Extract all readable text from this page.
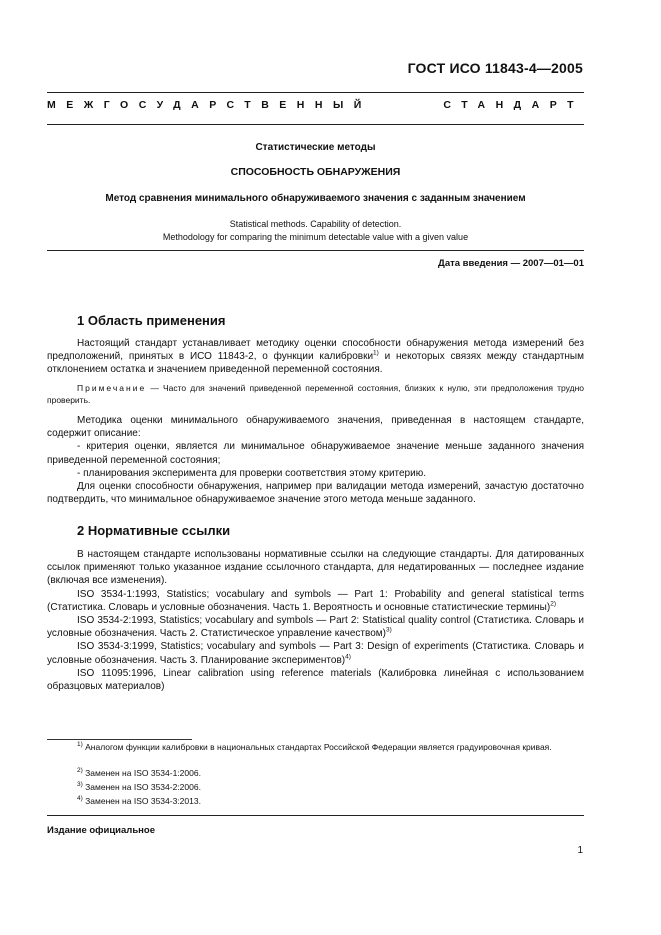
ГОСТ ИСО 11843-4—2005
МЕЖГОСУДАРСТВЕННЫЙ	СТАНДАРТ
Статистические методы
СПОСОБНОСТЬ ОБНАРУЖЕНИЯ
Метод сравнения минимального обнаруживаемого значения с заданным значением
Statistical methods. Capability of detection.
Methodology for comparing the minimum detectable value with a given value
Дата введения — 2007—01—01
1 Область применения

Настоящий стандарт устанавливает методику оценки способности обнаружения метода измерений без предположений, принятых в ИСО 11843-2, о функции калибровки$^{1)}$ и некоторых связях между стандартным отклонением остатка и значением приведенной переменной состояния.

Примечание — Часто для значений приведенной переменной состояния, близких к нулю, эти предположения трудно проверить.

Методика оценки минимального обнаруживаемого значения, приведенная в настоящем стандарте, содержит описание:

- критерия оценки, является ли минимальное обнаруживаемое значение меньше заданного значения приведенной переменной состояния;

- планирования эксперимента для проверки соответствия этому критерию.

Для оценки способности обнаружения, например при валидации метода измерений, зачастую достаточно подтвердить, что минимальное обнаруживаемое значение этого метода меньше заданного.

2 Нормативные ссылки

В настоящем стандарте использованы нормативные ссылки на следующие стандарты. Для датированных ссылок применяют только указанное издание ссылочного стандарта, для недатированных — последнее издание (включая все изменения).

ISO 3534-1:1993, Statistics; vocabulary and symbols — Part 1: Probability and general statistical terms (Статистика. Словарь и условные обозначения. Часть 1. Вероятность и основные статистические термины)$^{2)}$

ISO 3534-2:1993, Statistics; vocabulary and symbols — Part 2: Statistical quality control (Статистика. Словарь и условные обозначения. Часть 2. Статистическое управление качеством)$^{3)}$

ISO 3534-3:1999, Statistics; vocabulary and symbols — Part 3: Design of experiments (Статистика. Словарь и условные обозначения. Часть 3. Планирование экспериментов)$^{4)}$

ISO 11095:1996, Linear calibration using reference materials (Калибровка линейная с использованием образцовых материалов)

$^{1)}$ Аналогом функции калибровки в национальных стандартах Российской Федерации является градуировочная кривая.
$^{2)}$ Заменен на ISO 3534-1:2006.
$^{3)}$ Заменен на ISO 3534-2:2006.
$^{4)}$ Заменен на ISO 3534-3:2013.
Издание официальное
1
